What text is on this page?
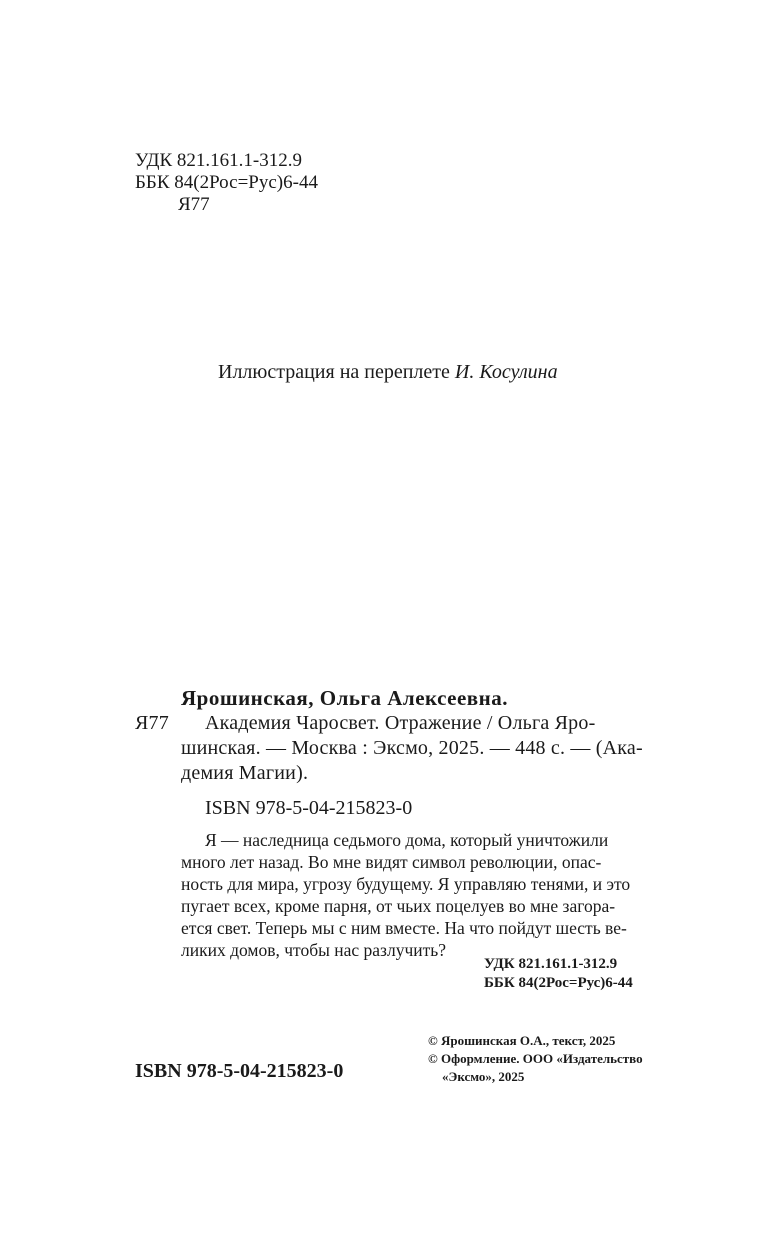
УДК 821.161.1-312.9
ББК 84(2Рос=Рус)6-44
Я77
Иллюстрация на переплете И. Косулина
Ярошинская, Ольга Алексеевна.
Я77 Академия Чаросвет. Отражение / Ольга Яро-
шинская. — Москва : Эксмо, 2025. — 448 с. — (Ака-
демия Магии).
ISBN 978-5-04-215823-0
Я — наследница седьмого дома, который уничтожили
много лет назад. Во мне видят символ революции, опас-
ность для мира, угрозу будущему. Я управляю тенями, и это
пугает всех, кроме парня, от чьих поцелуев во мне загора-
ется свет. Теперь мы с ним вместе. На что пойдут шесть ве-
ликих домов, чтобы нас разлучить?
УДК 821.161.1-312.9
ББК 84(2Рос=Рус)6-44
© Ярошинская О.А., текст, 2025
© Оформление. ООО «Издательство
«Эксмо», 2025
ISBN 978-5-04-215823-0
